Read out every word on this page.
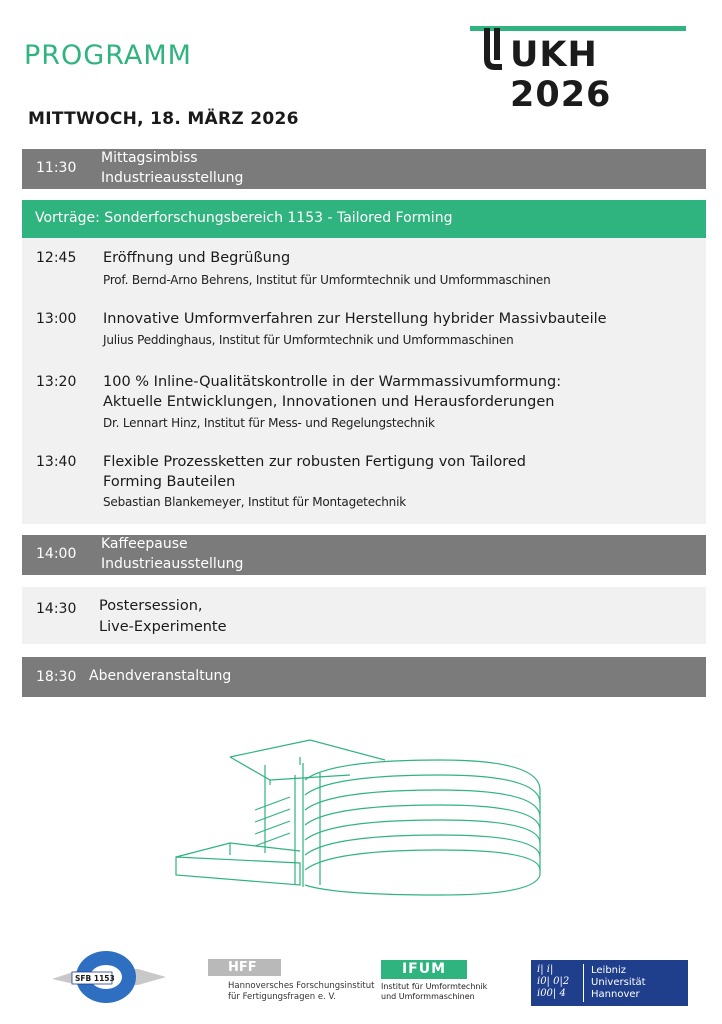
PROGRAMM	UKH 2026
MITTWOCH, 18. MÄRZ 2026
11:30
Mittagsimbiss
Industrieausstellung
Vorträge: Sonderforschungsbereich 1153 - Tailored Forming
12:45 Eröffnung und Begrüßung
Prof. Bernd-Arno Behrens, Institut für Umformtechnik und Umformmaschinen
13:00 Innovative Umformverfahren zur Herstellung hybrider Massivbauteile
Julius Peddinghaus, Institut für Umformtechnik und Umformmaschinen
13:20 100 % Inline-Qualitätskontrolle in der Warmmassivumformung:
Aktuelle Entwicklungen, Innovationen und Herausforderungen
Dr. Lennart Hinz, Institut für Mess- und Regelungstechnik
13:40 Flexible Prozessketten zur robusten Fertigung von Tailored
Forming Bauteilen
Sebastian Blankemeyer, Institut für Montagetechnik
14:00
Kaffeepause
Industrieausstellung
14:30 Postersession,
Live-Experimente
18:30 Abendveranstaltung
SFB 1153
HFF
Hannoversches Forschungsinstitut
für Fertigungsfragen e. V.
IFUM
Institut für Umformtechnik
und Umformmaschinen
i| i|
i0| 0|2
i00| 4
Leibniz
Universität
Hannover
